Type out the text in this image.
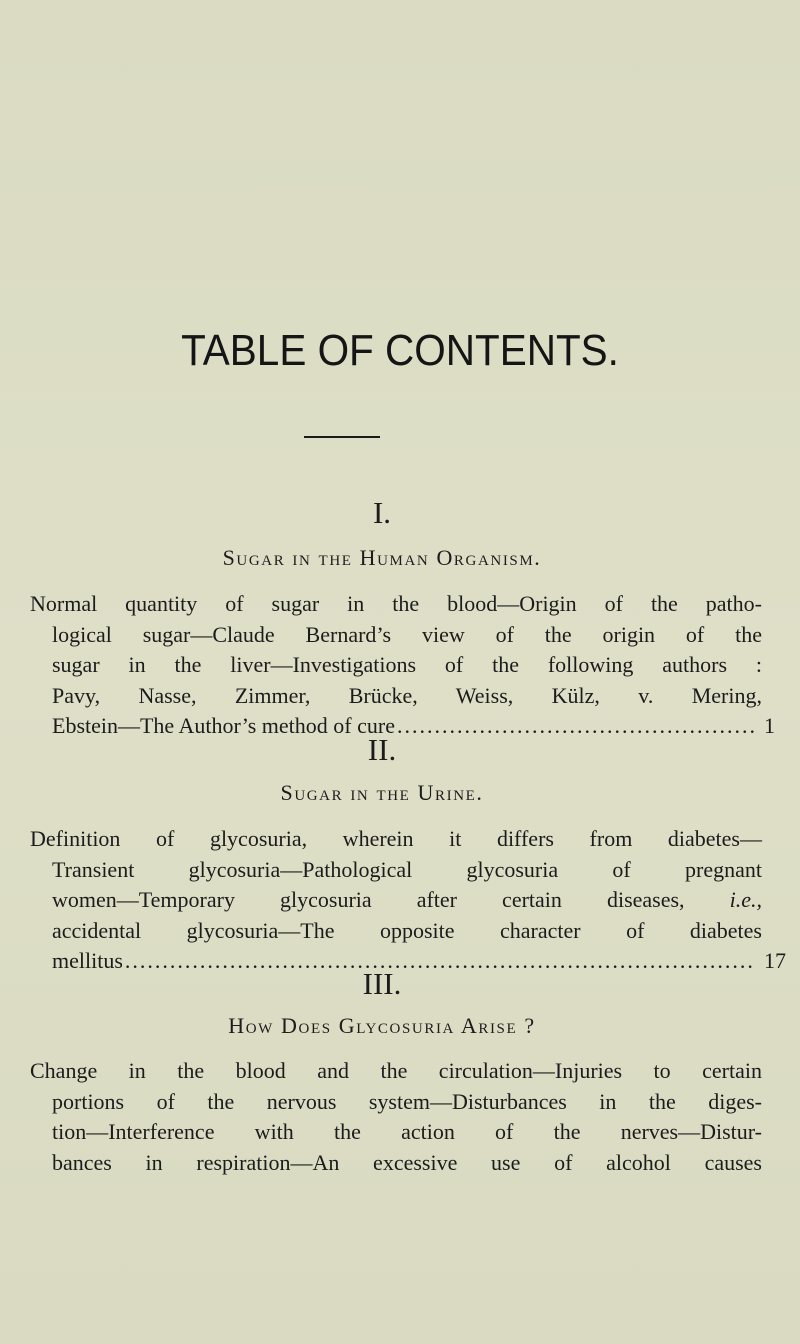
TABLE OF CONTENTS.
I.
Sugar in the Human Organism.
Normal quantity of sugar in the blood—Origin of the patho-
logical sugar—Claude Bernard’s view of the origin of the
sugar in the liver—Investigations of the following authors :
Pavy, Nasse, Zimmer, Brücke, Weiss, Külz, v. Mering,
Ebstein—The Author’s method of cure .....	1
II.
Sugar in the Urine.
Definition of glycosuria, wherein it differs from diabetes—
Transient glycosuria—Pathological glycosuria of pregnant
women—Temporary glycosuria after certain diseases, i.e.,
accidental glycosuria—The opposite character of diabetes
mellitus .....	17
III.
How Does Glycosuria Arise ?
Change in the blood and the circulation—Injuries to certain
portions of the nervous system—Disturbances in the diges-
tion—Interference with the action of the nerves—Distur-
bances in respiration—An excessive use of alcohol causes
